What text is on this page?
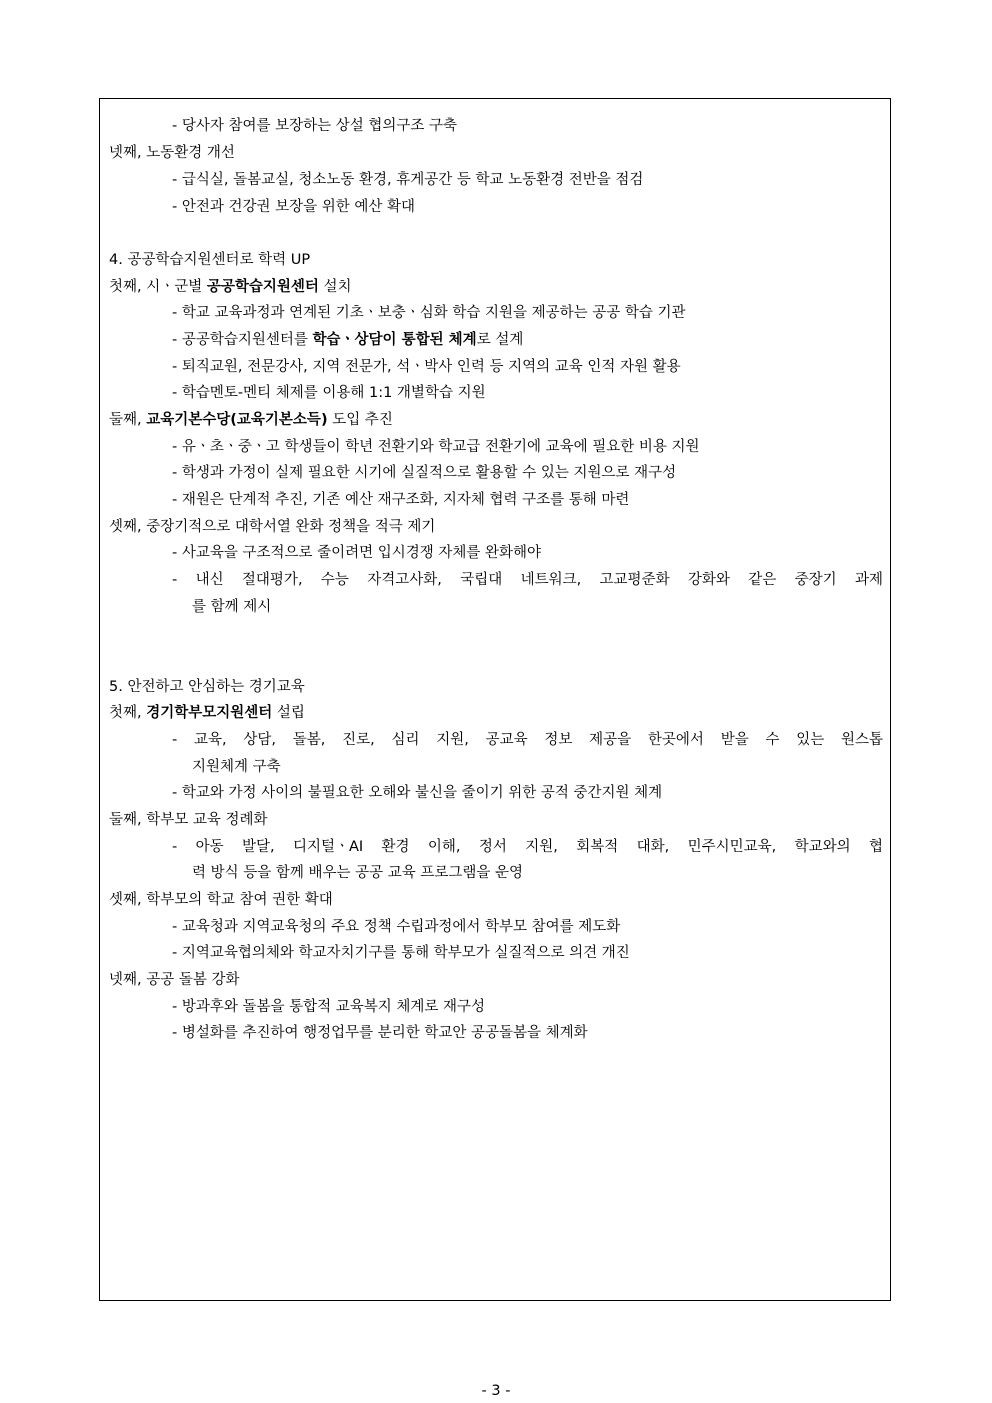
- 당사자 참여를 보장하는 상설 협의구조 구축
넷째, 노동환경 개선
- 급식실, 돌봄교실, 청소노동 환경, 휴게공간 등 학교 노동환경 전반을 점검
- 안전과 건강권 보장을 위한 예산 확대
4. 공공학습지원센터로 학력 UP
첫째, 시ㆍ군별 공공학습지원센터 설치
- 학교 교육과정과 연계된 기초ㆍ보충ㆍ심화 학습 지원을 제공하는 공공 학습 기관
- 공공학습지원센터를 학습ㆍ상담이 통합된 체계로 설계
- 퇴직교원, 전문강사, 지역 전문가, 석ㆍ박사 인력 등 지역의 교육 인적 자원 활용
- 학습멘토-멘티 체제를 이용해 1:1 개별학습 지원
둘째, 교육기본수당(교육기본소득) 도입 추진
- 유ㆍ초ㆍ중ㆍ고 학생들이 학년 전환기와 학교급 전환기에 교육에 필요한 비용 지원
- 학생과 가정이 실제 필요한 시기에 실질적으로 활용할 수 있는 지원으로 재구성
- 재원은 단계적 추진, 기존 예산 재구조화, 지자체 협력 구조를 통해 마련
셋째, 중장기적으로 대학서열 완화 정책을 적극 제기
- 사교육을 구조적으로 줄이려면 입시경쟁 자체를 완화해야
- 내신 절대평가, 수능 자격고사화, 국립대 네트워크, 고교평준화 강화와 같은 중장기 과제
를 함께 제시
5. 안전하고 안심하는 경기교육
첫째, 경기학부모지원센터 설립
- 교육, 상담, 돌봄, 진로, 심리 지원, 공교육 정보 제공을 한곳에서 받을 수 있는 원스톱
지원체계 구축
- 학교와 가정 사이의 불필요한 오해와 불신을 줄이기 위한 공적 중간지원 체계
둘째, 학부모 교육 정례화
- 아동 발달, 디지털ㆍAI 환경 이해, 정서 지원, 회복적 대화, 민주시민교육, 학교와의 협
력 방식 등을 함께 배우는 공공 교육 프로그램을 운영
셋째, 학부모의 학교 참여 권한 확대
- 교육청과 지역교육청의 주요 정책 수립과정에서 학부모 참여를 제도화
- 지역교육협의체와 학교자치기구를 통해 학부모가 실질적으로 의견 개진
넷째, 공공 돌봄 강화
- 방과후와 돌봄을 통합적 교육복지 체계로 재구성
- 병설화를 추진하여 행정업무를 분리한 학교안 공공돌봄을 체계화
- 3 -
